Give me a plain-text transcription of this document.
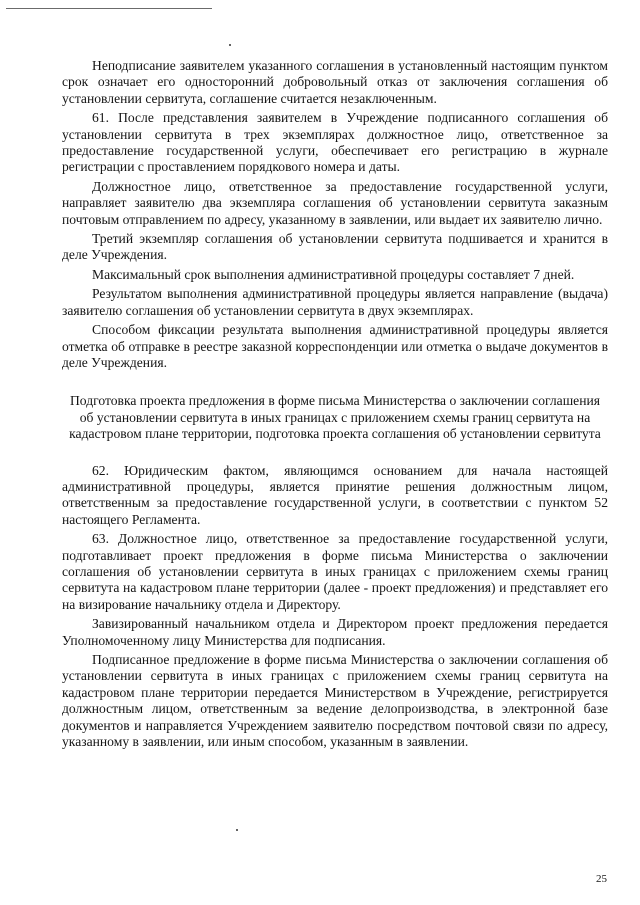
Неподписание заявителем указанного соглашения в установленный настоящим пунктом срок означает его односторонний добровольный отказ от заключения соглашения об установлении сервитута, соглашение считается незаключенным.

61. После представления заявителем в Учреждение подписанного соглашения об установлении сервитута в трех экземплярах должностное лицо, ответственное за предоставление государственной услуги, обеспечивает его регистрацию в журнале регистрации с проставлением порядкового номера и даты.

Должностное лицо, ответственное за предоставление государственной услуги, направляет заявителю два экземпляра соглашения об установлении сервитута заказным почтовым отправлением по адресу, указанному в заявлении, или выдает их заявителю лично.

Третий экземпляр соглашения об установлении сервитута подшивается и хранится в деле Учреждения.

Максимальный срок выполнения административной процедуры составляет 7 дней.

Результатом выполнения административной процедуры является направление (выдача) заявителю соглашения об установлении сервитута в двух экземплярах.

Способом фиксации результата выполнения административной процедуры является отметка об отправке в реестре заказной корреспонденции или отметка о выдаче документов в деле Учреждения.

Подготовка проекта предложения в форме письма Министерства о заключении соглашения об установлении сервитута в иных границах с приложением схемы границ сервитута на кадастровом плане территории, подготовка проекта соглашения об установлении сервитута

62. Юридическим фактом, являющимся основанием для начала настоящей административной процедуры, является принятие решения должностным лицом, ответственным за предоставление государственной услуги, в соответствии с пунктом 52 настоящего Регламента.

63. Должностное лицо, ответственное за предоставление государственной услуги, подготавливает проект предложения в форме письма Министерства о заключении соглашения об установлении сервитута в иных границах с приложением схемы границ сервитута на кадастровом плане территории (далее - проект предложения) и представляет его на визирование начальнику отдела и Директору.

Завизированный начальником отдела и Директором проект предложения передается Уполномоченному лицу Министерства для подписания.

Подписанное предложение в форме письма Министерства о заключении соглашения об установлении сервитута в иных границах с приложением схемы границ сервитута на кадастровом плане территории передается Министерством в Учреждение, регистрируется должностным лицом, ответственным за ведение делопроизводства, в электронной базе документов и направляется Учреждением заявителю посредством почтовой связи по адресу, указанному в заявлении, или иным способом, указанным в заявлении.

25
